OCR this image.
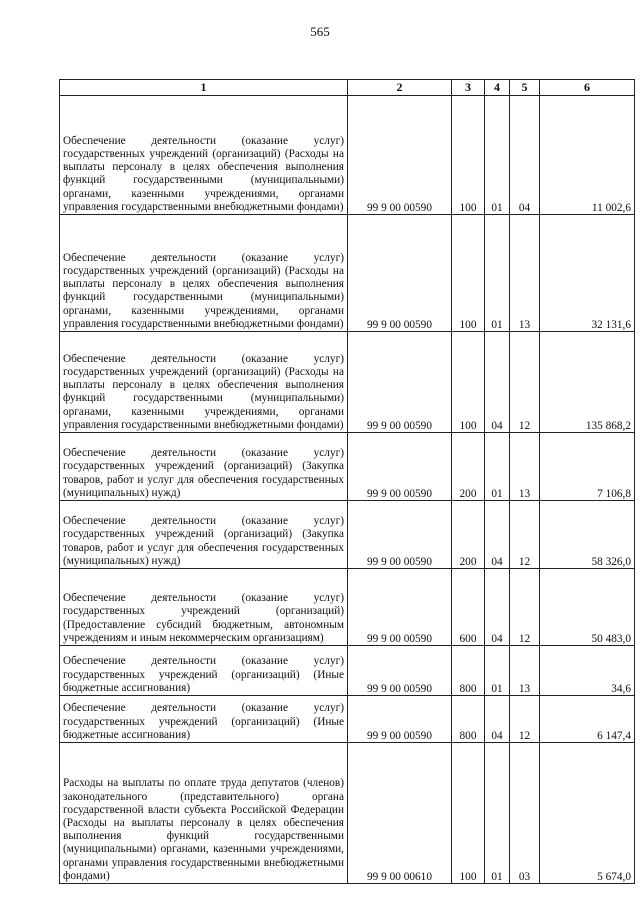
565
1	2	3	4	5	6
Обеспечение деятельности (оказание услуг) государственных учреждений (организаций) (Расходы на выплаты персоналу в целях обеспечения выполнения функций государственными (муниципальными) органами, казенными учреждениями, органами управления государственными внебюджетными фондами)	99 9 00 00590	100	01	04	11 002,6
Обеспечение деятельности (оказание услуг) государственных учреждений (организаций) (Расходы на выплаты персоналу в целях обеспечения выполнения функций государственными (муниципальными) органами, казенными учреждениями, органами управления государственными внебюджетными фондами)	99 9 00 00590	100	01	13	32 131,6
Обеспечение деятельности (оказание услуг) государственных учреждений (организаций) (Расходы на выплаты персоналу в целях обеспечения выполнения функций государственными (муниципальными) органами, казенными учреждениями, органами управления государственными внебюджетными фондами)	99 9 00 00590	100	04	12	135 868,2
Обеспечение деятельности (оказание услуг) государственных учреждений (организаций) (Закупка товаров, работ и услуг для обеспечения государственных (муниципальных) нужд)	99 9 00 00590	200	01	13	7 106,8
Обеспечение деятельности (оказание услуг) государственных учреждений (организаций) (Закупка товаров, работ и услуг для обеспечения государственных (муниципальных) нужд)	99 9 00 00590	200	04	12	58 326,0
Обеспечение деятельности (оказание услуг) государственных учреждений (организаций) (Предоставление субсидий бюджетным, автономным учреждениям и иным некоммерческим организациям)	99 9 00 00590	600	04	12	50 483,0
Обеспечение деятельности (оказание услуг) государственных учреждений (организаций) (Иные бюджетные ассигнования)	99 9 00 00590	800	01	13	34,6
Обеспечение деятельности (оказание услуг) государственных учреждений (организаций) (Иные бюджетные ассигнования)	99 9 00 00590	800	04	12	6 147,4
Расходы на выплаты по оплате труда депутатов (членов) законодательного (представительного) органа государственной власти субъекта Российской Федерации (Расходы на выплаты персоналу в целях обеспечения выполнения функций государственными (муниципальными) органами, казенными учреждениями, органами управления государственными внебюджетными фондами)	99 9 00 00610	100	01	03	5 674,0
